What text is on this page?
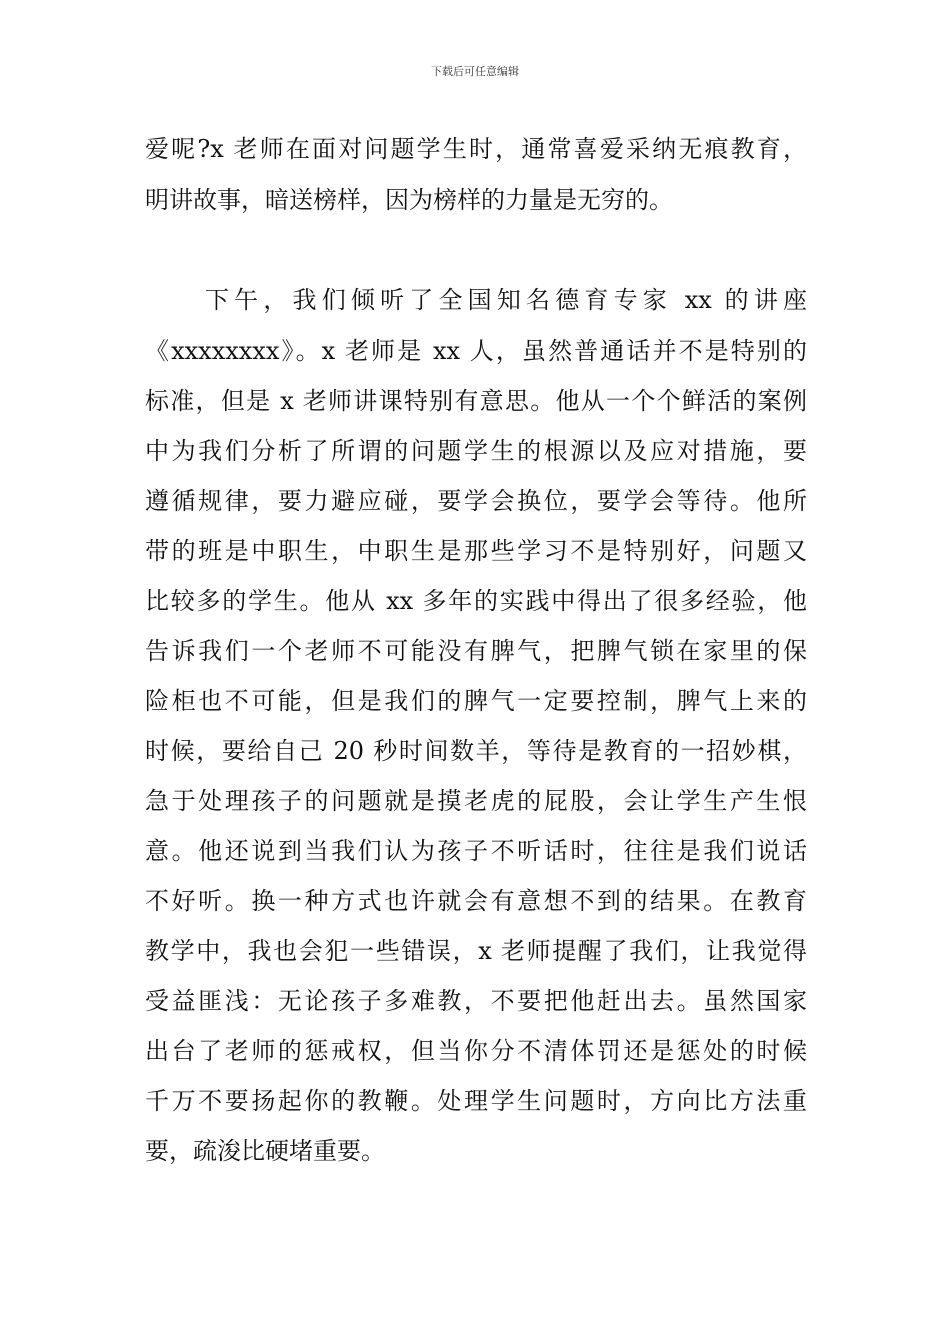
下载后可任意编辑
爱呢?x 老师在面对问题学生时，通常喜爱采纳无痕教育，
明讲故事，暗送榜样，因为榜样的力量是无穷的。
下午，我们倾听了全国知名德育专家 xx 的讲座
《xxxxxxxx》。x 老师是 xx 人，虽然普通话并不是特别的
标准，但是 x 老师讲课特别有意思。他从一个个鲜活的案例
中为我们分析了所谓的问题学生的根源以及应对措施，要
遵循规律，要力避应碰，要学会换位，要学会等待。他所
带的班是中职生，中职生是那些学习不是特别好，问题又
比较多的学生。他从 xx 多年的实践中得出了很多经验，他
告诉我们一个老师不可能没有脾气，把脾气锁在家里的保
险柜也不可能，但是我们的脾气一定要控制，脾气上来的
时候，要给自己 20 秒时间数羊，等待是教育的一招妙棋，
急于处理孩子的问题就是摸老虎的屁股，会让学生产生恨
意。他还说到当我们认为孩子不听话时，往往是我们说话
不好听。换一种方式也许就会有意想不到的结果。在教育
教学中，我也会犯一些错误，x 老师提醒了我们，让我觉得
受益匪浅：无论孩子多难教，不要把他赶出去。虽然国家
出台了老师的惩戒权，但当你分不清体罚还是惩处的时候
千万不要扬起你的教鞭。处理学生问题时，方向比方法重
要，疏浚比硬堵重要。
